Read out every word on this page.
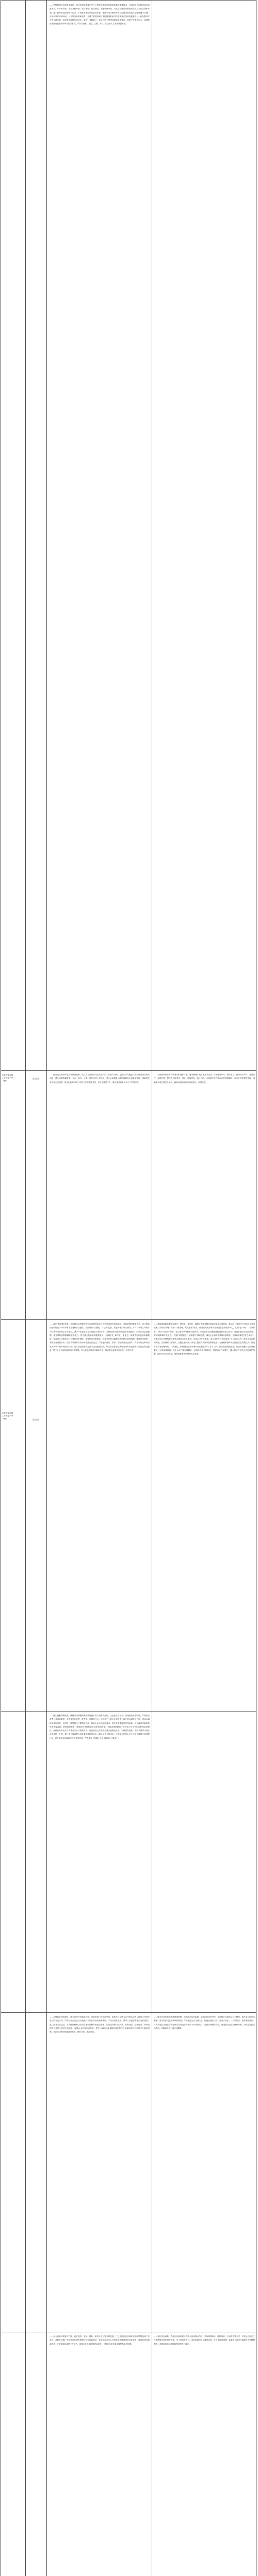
……严格按照住房城乡建设部、省住房城乡建设厅关于工程建设项目审批制度改革的部署要求，全面梳理工程建设项目审批事项、环节和材料，推行并联审批、联合审图、联合验收，压缩审批时限；对社会投资的小型低风险项目实行告知承诺制，施工图审查由政府购买服务，不再要求建设单位委托审查；推进水电气暖等市政公用服务报装接入全流程网上办理，压减报装环节和时间，公开服务标准和收费；加强工程建设项目审批管理系统与投资项目在线审批监管平台、政务服务平台等互联互通，实现审批数据实时共享，做到“一网通办”；持续开展工程建设领域专项整治，规范中介服务行为，清理规范审批前置条件和中介服务事项，严禁以备案、登记、注册、年检、认定等名义变相设置审批。
优化营商环境
工作推进机制
（略）
已完成
……健全优化营商环境工作推进机制，成立由主要负责同志任组长的工作领导小组，定期召开专题会议研究解决重点难点问题；建立问题线索收集、交办、督办、反馈、销号闭环工作机制，对企业和群众反映的问题实行清单化管理，明确责任单位和完成时限；将优化营商环境工作纳入年度绩效考核，对工作推进不力、敷衍塞责的单位和个人严肃问责。
……对照国家和省营商环境评价指标体系，逐项梳理本地区在开办企业、办理建筑许可、获得电力、获得用水用气、登记财产、获得信贷、保护中小投资者、纳税、跨境贸易、执行合同、办理破产等方面存在的短板弱项，制定针对性整改措施，明确牵头单位和配合单位，确保各项整改任务落到实处、取得实效。
优化营商环境
工作推进机制
（略）	已完成
……深化“放管服”改革，全面推行证明事项告知承诺制和涉企经营许可事项告知承诺制，对能够通过数据共享、部门核验获取的信息一律不再要求企业和群众提供；全面推行“双随机、一公开”监管，推进跨部门联合抽查，对同一市场主体的多个检查事项原则上合并进行，减少对企业正常生产经营活动的干扰；加快推进“互联网+监管”系统建设，归集各类监管数据，提升风险预警和精准监管能力；建立健全包容审慎监管机制，对新技术、新产业、新业态、新模式实行包容审慎监管，探索建立轻微违法行为免罚清单制度；加强信用体系建设，完善守信联合激励和失信联合惩戒机制，推进信用修复，帮助企业重塑信用；依法平等保护各类市场主体合法权益，严禁违法查封、扣押、冻结涉案企业财产，防止和纠正利用行政或刑事手段干预经济纠纷；建立涉企政策制定征求企业意见机制，制定出台涉企政策时充分听取企业和行业协会商会意见，给予企业合理的政策适应调整期；加大惠企政策宣传解读力度，推动惠企政策直达快享、应享尽享。
……持续推进政务服务标准化、规范化、便利化，编制公布政务服务事项清单和办事指南，推动同一事项在不同地区无差别受理、同标准办理；深化“一窗受理、集成服务”改革，推进政务服务事项全部进驻政务服务中心，实现“进一扇门、办所有事”；推行“好差评”制度，建立差评事项整改反馈机制，以企业和群众满意度倒逼服务质量提升；加快推进电子证照应用，实现高频事项“免证办”；拓展“跨省通办”“全省通办”事项范围，满足企业和群众异地办事需求；开展政务服务“帮办代办”，为重点项目和特殊群体提供全程帮办代办服务；优化企业开办流程，将企业开办时间压缩至1个工作日以内；推进企业注销便利化，完善简易注销程序，压缩注销时间；深化工程建设项目审批制度改革，全流程审批时间压缩至法定时限以内；推进不动产登记便利化，一般登记、抵押登记业务办理时间压缩至3个工作日以内；持续优化纳税服务，拓展非接触式办税缴费服务，压减纳税时间；优化水电气暖报装服务，压减办理环节和时间；加强知识产权保护，健全知识产权快速协同保护机制；提升执行合同效率，缩短商事案件审理和执行周期。
……落实减税降费政策，确保各项减税降费政策措施不折不扣落实到位，让企业应享尽享；清理规范涉企收费，严格执行收费目录清单制度，坚决查处乱收费、乱罚款、乱摊派行为；加大对中小微企业和个体工商户的金融支持力度，推动金融机构增加首贷、信用贷、续贷和中长期贷款投放，降低企业综合融资成本；建立政府性融资担保体系，扩大政府性融资担保业务覆盖面，降低担保费率；推进政府采购和招标投标领域改革，全面清理妨碍统一市场和公平竞争的各种规定和做法，保障各类市场主体平等参与公共资源交易；加快推进公共资源交易全流程电子化，实现招标投标、政府采购等交易活动全程网上办理；推行电子保函替代现金缴纳投标保证金，降低企业交易成本；开展拖欠民营企业中小企业账款专项清理行动，建立防范和化解拖欠账款长效机制，严格落实《保障中小企业款项支付条例》。
……加强政务诚信建设，建立政府守信践诺机制，对政府部门在招商引资、政府与社会资本合作等活动中与投资主体依法签订的各类合同，严格兑现向社会及行政相对人依法作出的政策承诺，不得以政府换届、领导人员更替等理由违约毁约；建立政务失信记录，将各级政府和公务员在履职过程中因违法违规、失信违约被司法判决、行政处罚、纪律处分、问责处理等信息纳入政务失信记录；畅通企业诉求反映渠道，建立“12345”政务服务便民热线与营商环境投诉举报平台联动机制，对企业反映的问题及时受理、限时办结、跟踪回访。
……健全法治化营商环境保障机制，加强涉企执法监督，规范行政执法行为，全面推行行政执法公示制度、执法全过程记录制度、重大执法决定法制审核制度；严格规范公正文明执法，杜绝选择性执法、运动式执法、一刀切执法；推行柔性执法，对初次违法且危害后果轻微并及时改正的依法不予行政处罚；加强法律服务供给，组建服务企业法律顾问团，为企业提供法律咨询、风险防范等公益法律服务。
……加大营商环境宣传力度，通过报纸、电视、网站、微信公众号等多种渠道，广泛宣传优化营商环境的政策措施和工作成效；及时总结推广优化营商环境的典型经验和创新做法，营造全社会关心支持营商环境建设的良好氛围；聘请营商环境监督员，开展营商环境第三方评估，客观评价营商环境建设成效，为持续优化营商环境提供参考依据。
……强化督查问效，将优化营商环境工作纳入督查重点内容，采取明察暗访、随机抽查、专项督查等方式，对各地各部门工作推进情况进行跟踪督查；对工作推进有力、成效明显的予以通报表扬，对工作推进缓慢、措施不力的进行通报批评并限期整改，对损害营商环境的典型案例进行曝光。
